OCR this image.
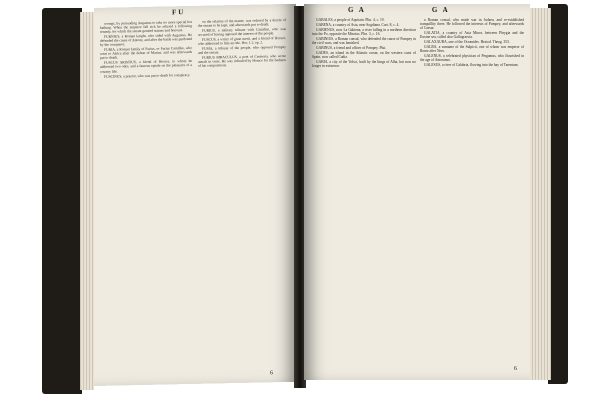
FU

wrongs, by persuading Augustus to take no more special hot bathing. When the emperor fell sick he refused a following remedy, for which the senate granted statues and honours.

FURNIUS, a Roman knight, who sided with Augustus. He defended the cause of Antony, and after the battle was pardoned by the conqueror.

FURIA, a Roman family of Furius, or Furius Camillus, who went to Africa after the defeat of Marius, and was afterwards put to death.

FUSCUS ARISTIUS, a friend of Horace, to whom he addressed two odes, and a famous epistle on the pleasures of a country life.

FUSCINUS, a praetor, who was put to death for conspiracy.

on the relation of the matter, was ordered by a decree of the senate to be kept, and afterwards put to death.

FURIUS, a military tribune with Camillus, who was accused of having opposed the interest of the people.

FUSCUS, a writer of great merit, and a friend of Horace, who addressed to him an ode. Hor. l. 2. ep. 2.

FUSIA, a tribune of the people, who opposed Pompey and the senate.

FURIUS BIBACULUS, a poet of Cremona, who wrote annals in verse. He was ridiculed by Horace for the badness of his compositions.

6
G A	G A

GABALES, a people of Aquitain. Plin. 4, c. 19.

GABENA, a country of Asia, near Sogdiana. Curt. 8, c. 4.

GABIENUS, now La Gabiena, a river falling in a northern direction into the Po, opposite the Mincius. Plin. 3, c. 16.

GABINIUS, a Roman consul, who defended the cause of Pompey in the civil wars, and was banished.

GABINUS, a friend and officer of Pompey. Plut.

GADES, an island in the Atlantic ocean, on the western coast of Spain, now called Cadiz.

GABIA, a city of the Volsci, built by the kings of Alba, but now no longer in existence.

a Roman consul, who made war in Judaea, and re-established tranquillity there. He followed the interests of Pompey, and afterwards of Caesar.

GALATIA, a country of Asia Minor, between Phrygia and the Euxine sea, called also Gallograecia.

GALAXAURA, one of the Oceanides. Hesiod. Theog. 353.

GALBA, a surname of the Sulpicii, one of whom was emperor of Rome after Nero.

GALENUS, a celebrated physician of Pergamus, who flourished in the age of Antoninus.

GALESUS, a river of Calabria, flowing into the bay of Tarentum.

6
